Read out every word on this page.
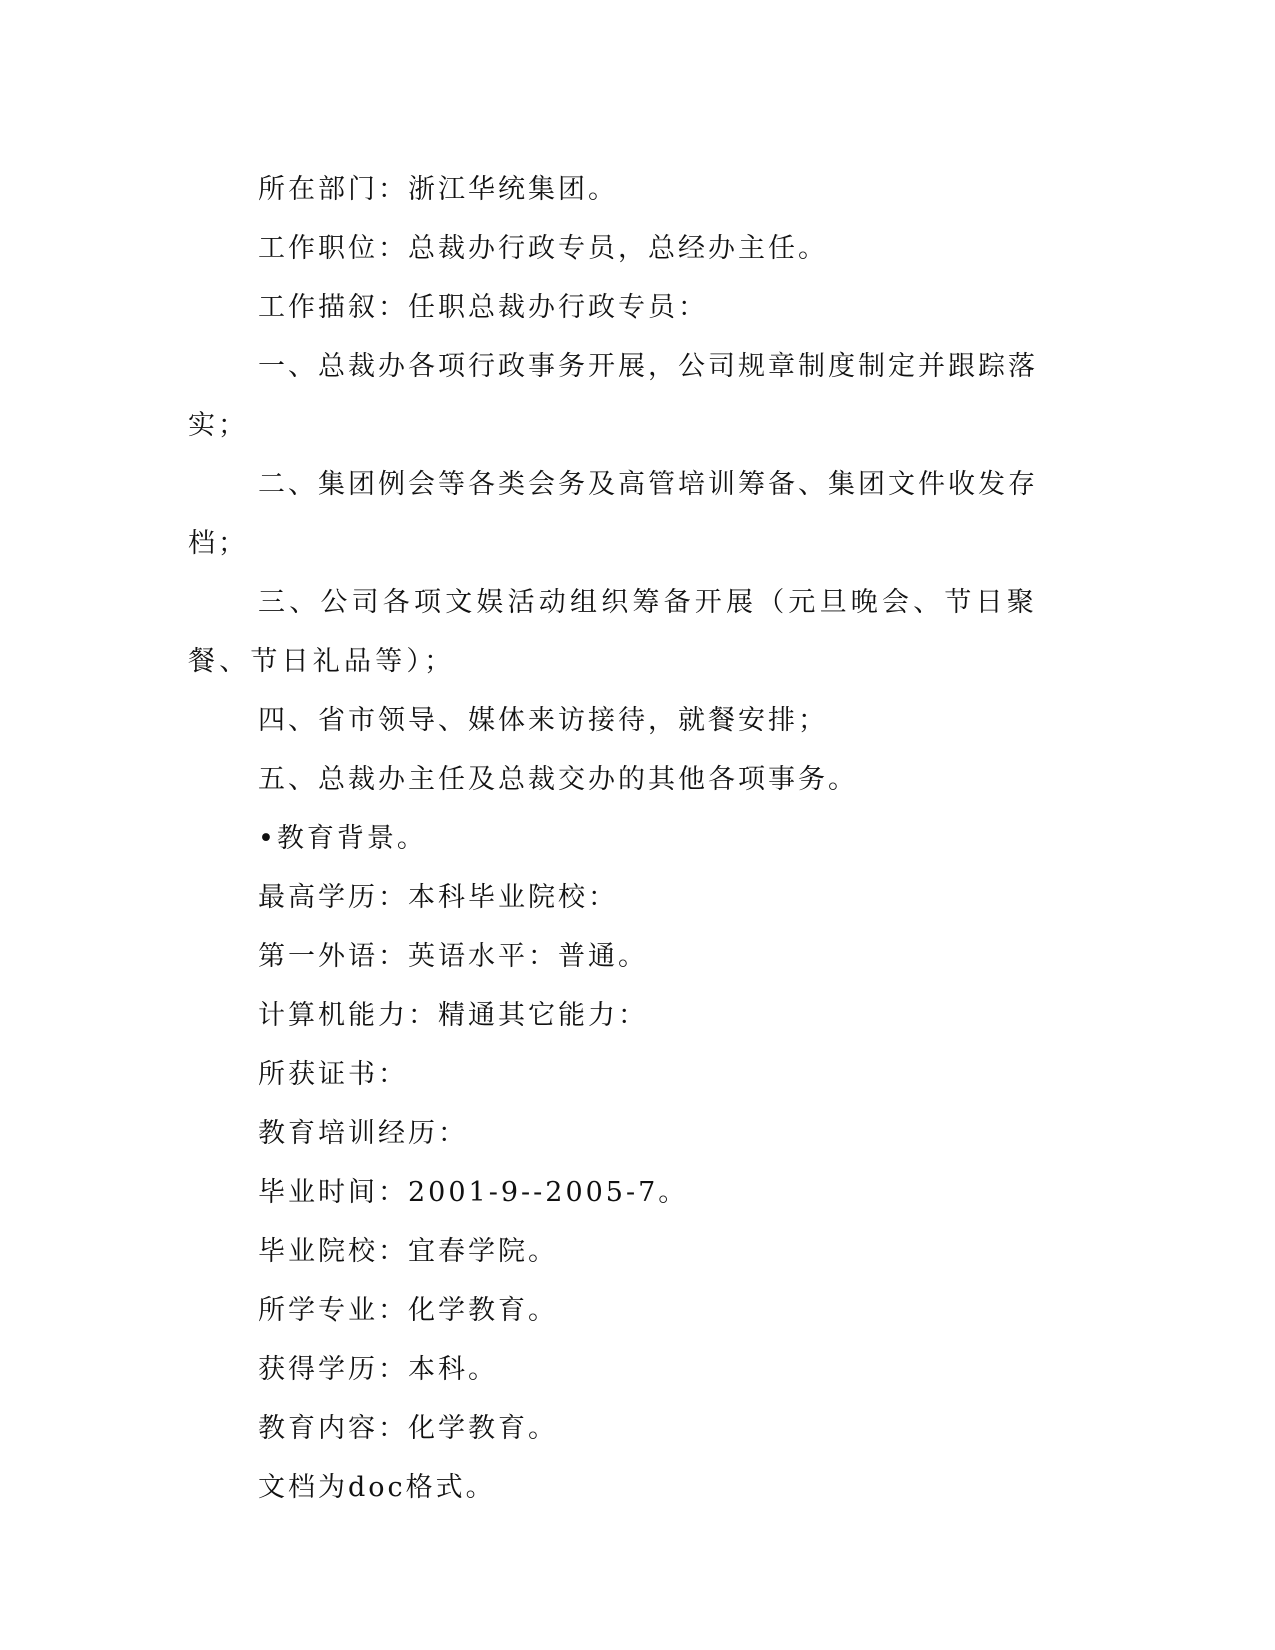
所在部门：浙江华统集团。

工作职位：总裁办行政专员，总经办主任。

工作描叙：任职总裁办行政专员：

一、总裁办各项行政事务开展，公司规章制度制定并跟踪落实；

二、集团例会等各类会务及高管培训筹备、集团文件收发存档；

三、公司各项文娱活动组织筹备开展（元旦晚会、节日聚餐、节日礼品等）；

四、省市领导、媒体来访接待，就餐安排；

五、总裁办主任及总裁交办的其他各项事务。

•教育背景。

最高学历：本科毕业院校：

第一外语：英语水平：普通。

计算机能力：精通其它能力：

所获证书：

教育培训经历：

毕业时间：2001-9--2005-7。

毕业院校：宜春学院。

所学专业：化学教育。

获得学历：本科。

教育内容：化学教育。

文档为doc格式。
